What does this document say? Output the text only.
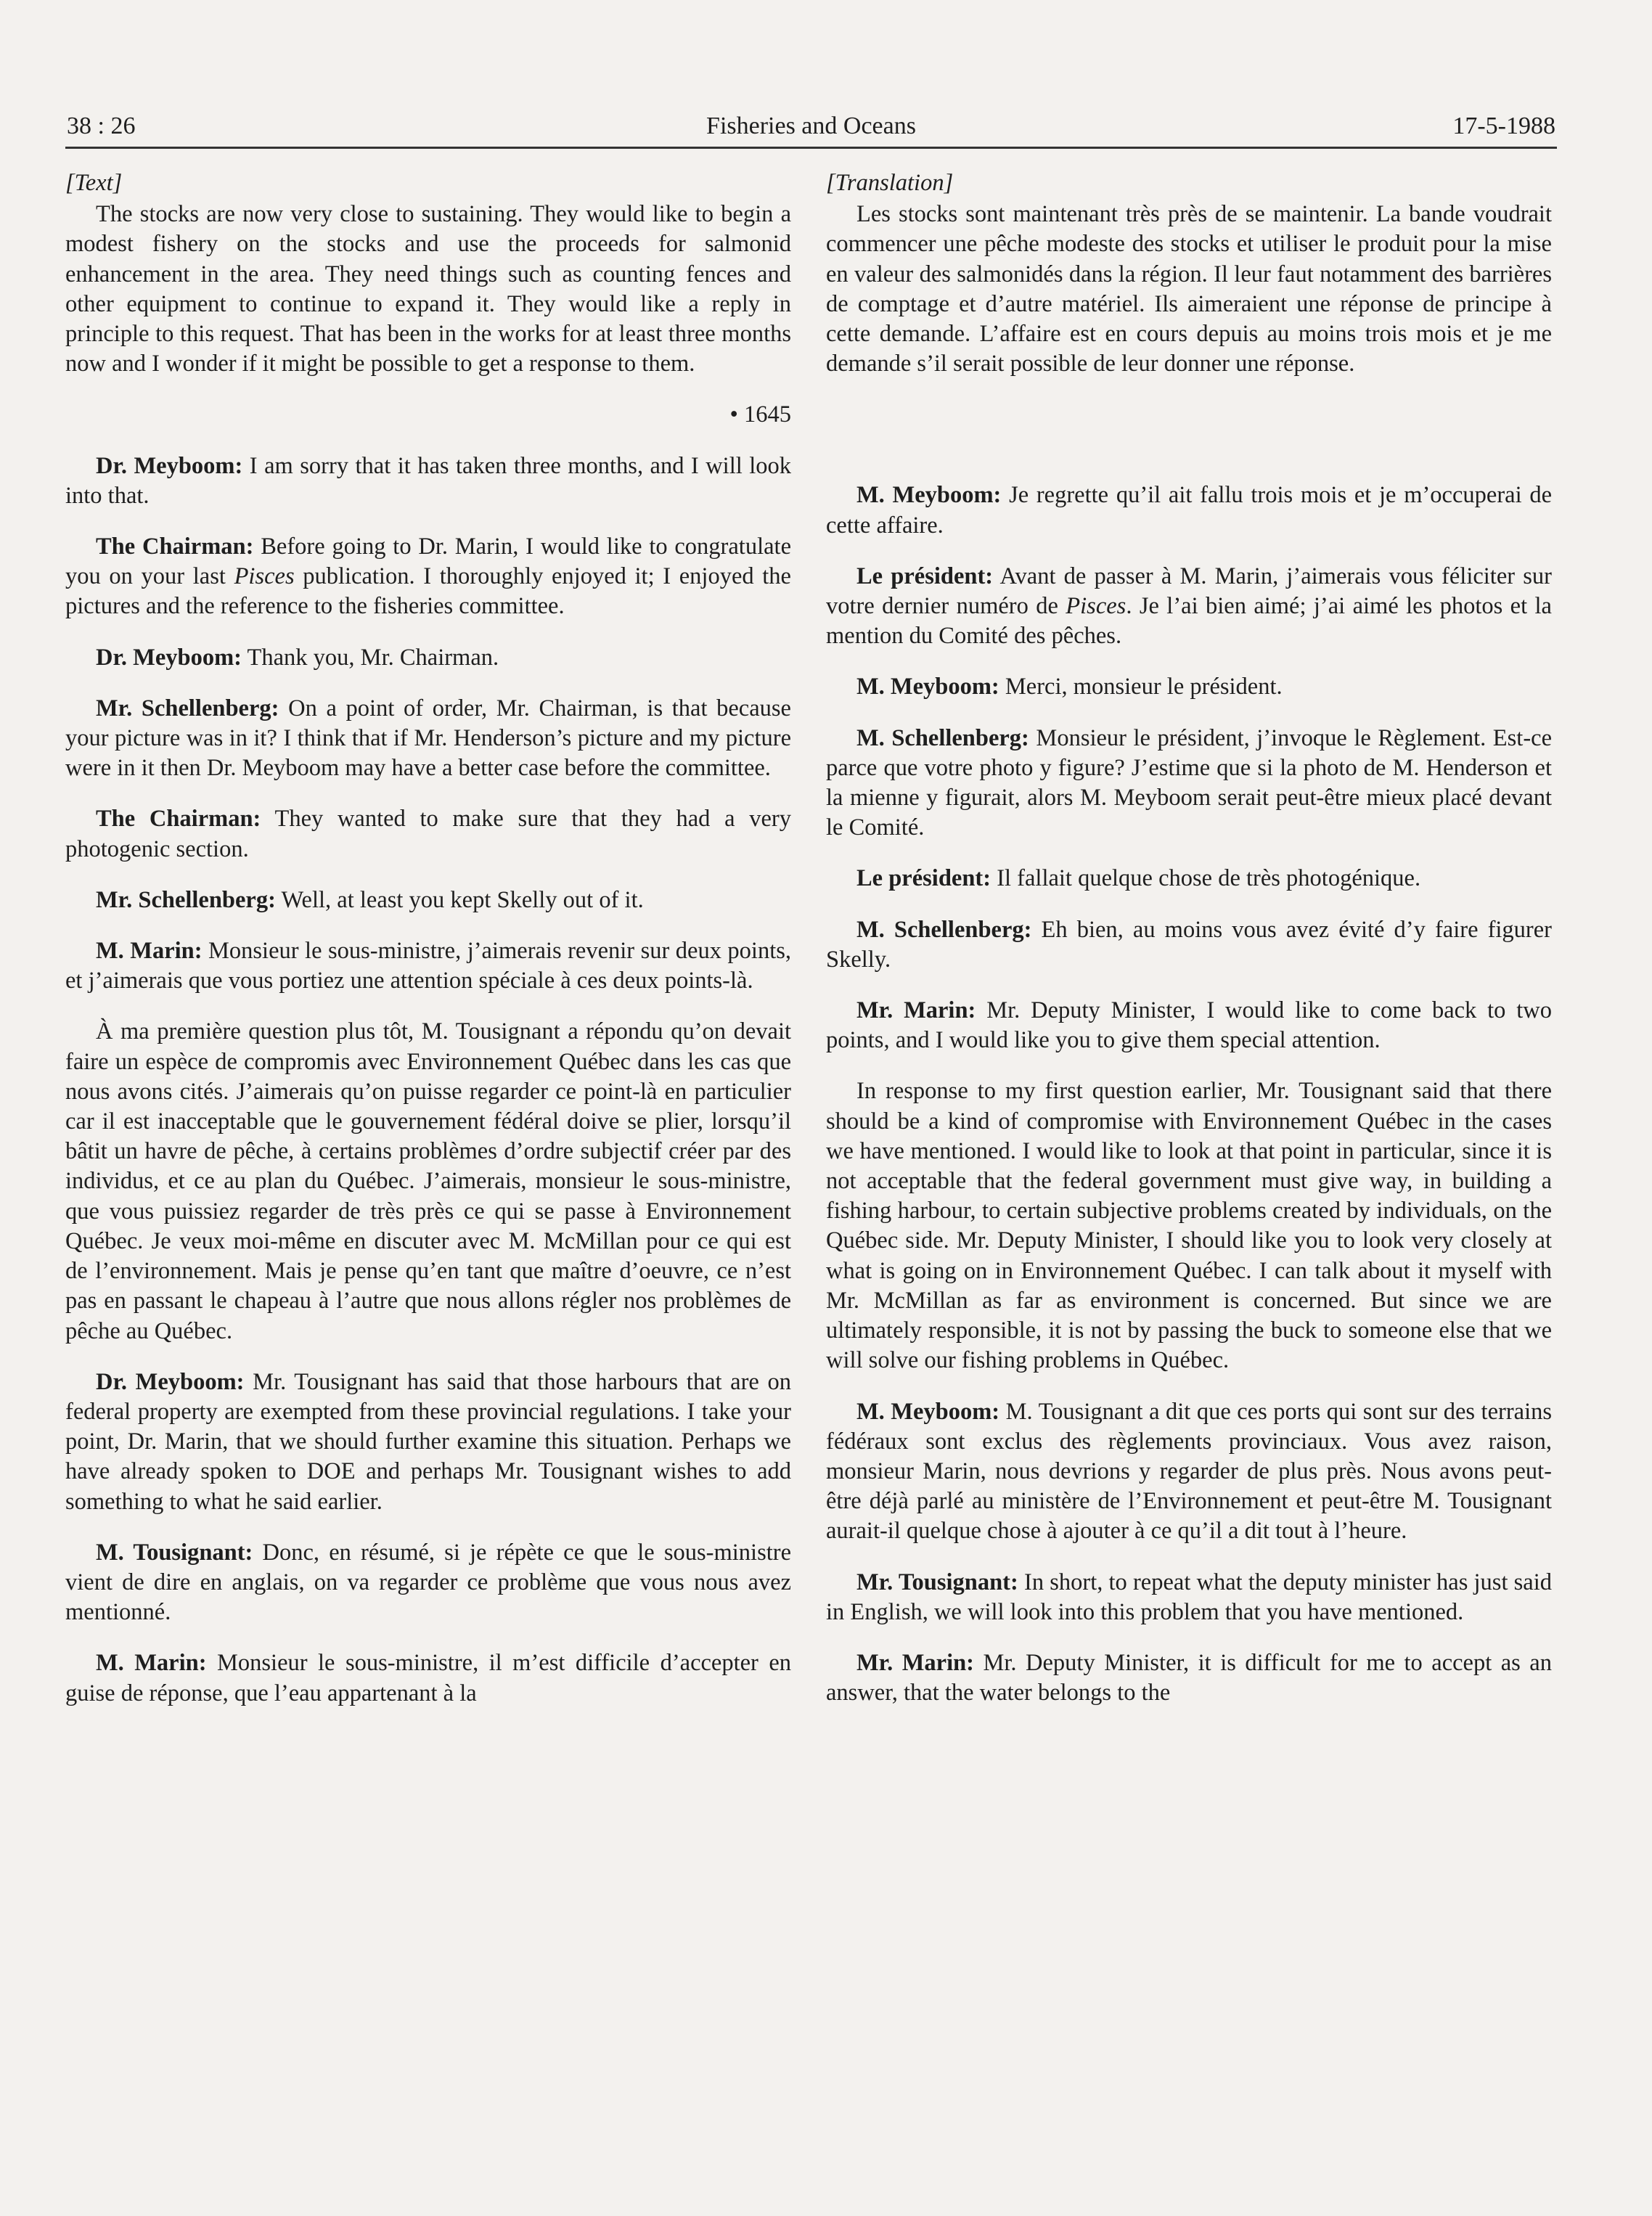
38 : 26	Fisheries and Oceans	17-5-1988

[Text]

The stocks are now very close to sustaining. They would like to begin a modest fishery on the stocks and use the proceeds for salmonid enhancement in the area. They need things such as counting fences and other equipment to continue to expand it. They would like a reply in principle to this request. That has been in the works for at least three months now and I wonder if it might be possible to get a response to them.

• 1645

Dr. Meyboom: I am sorry that it has taken three months, and I will look into that.

The Chairman: Before going to Dr. Marin, I would like to congratulate you on your last Pisces publication. I thoroughly enjoyed it; I enjoyed the pictures and the reference to the fisheries committee.

Dr. Meyboom: Thank you, Mr. Chairman.

Mr. Schellenberg: On a point of order, Mr. Chairman, is that because your picture was in it? I think that if Mr. Henderson’s picture and my picture were in it then Dr. Meyboom may have a better case before the committee.

The Chairman: They wanted to make sure that they had a very photogenic section.

Mr. Schellenberg: Well, at least you kept Skelly out of it.

M. Marin: Monsieur le sous-ministre, j’aimerais revenir sur deux points, et j’aimerais que vous portiez une attention spéciale à ces deux points-là.

À ma première question plus tôt, M. Tousignant a répondu qu’on devait faire un espèce de compromis avec Environnement Québec dans les cas que nous avons cités. J’aimerais qu’on puisse regarder ce point-là en particulier car il est inacceptable que le gouvernement fédéral doive se plier, lorsqu’il bâtit un havre de pêche, à certains problèmes d’ordre subjectif créer par des individus, et ce au plan du Québec. J’aimerais, monsieur le sous-ministre, que vous puissiez regarder de très près ce qui se passe à Environnement Québec. Je veux moi-même en discuter avec M. McMillan pour ce qui est de l’environnement. Mais je pense qu’en tant que maître d’oeuvre, ce n’est pas en passant le chapeau à l’autre que nous allons régler nos problèmes de pêche au Québec.

Dr. Meyboom: Mr. Tousignant has said that those harbours that are on federal property are exempted from these provincial regulations. I take your point, Dr. Marin, that we should further examine this situation. Perhaps we have already spoken to DOE and perhaps Mr. Tousignant wishes to add something to what he said earlier.

M. Tousignant: Donc, en résumé, si je répète ce que le sous-ministre vient de dire en anglais, on va regarder ce problème que vous nous avez mentionné.

M. Marin: Monsieur le sous-ministre, il m’est difficile d’accepter en guise de réponse, que l’eau appartenant à la

[Translation]

Les stocks sont maintenant très près de se maintenir. La bande voudrait commencer une pêche modeste des stocks et utiliser le produit pour la mise en valeur des salmonidés dans la région. Il leur faut notamment des barrières de comptage et d’autre matériel. Ils aimeraient une réponse de principe à cette demande. L’affaire est en cours depuis au moins trois mois et je me demande s’il serait possible de leur donner une réponse.

M. Meyboom: Je regrette qu’il ait fallu trois mois et je m’occuperai de cette affaire.

Le président: Avant de passer à M. Marin, j’aimerais vous féliciter sur votre dernier numéro de Pisces. Je l’ai bien aimé; j’ai aimé les photos et la mention du Comité des pêches.

M. Meyboom: Merci, monsieur le président.

M. Schellenberg: Monsieur le président, j’invoque le Règlement. Est-ce parce que votre photo y figure? J’estime que si la photo de M. Henderson et la mienne y figurait, alors M. Meyboom serait peut-être mieux placé devant le Comité.

Le président: Il fallait quelque chose de très photogénique.

M. Schellenberg: Eh bien, au moins vous avez évité d’y faire figurer Skelly.

Mr. Marin: Mr. Deputy Minister, I would like to come back to two points, and I would like you to give them special attention.

In response to my first question earlier, Mr. Tousignant said that there should be a kind of compromise with Environnement Québec in the cases we have mentioned. I would like to look at that point in particular, since it is not acceptable that the federal government must give way, in building a fishing harbour, to certain subjective problems created by individuals, on the Québec side. Mr. Deputy Minister, I should like you to look very closely at what is going on in Environnement Québec. I can talk about it myself with Mr. McMillan as far as environment is concerned. But since we are ultimately responsible, it is not by passing the buck to someone else that we will solve our fishing problems in Québec.

M. Meyboom: M. Tousignant a dit que ces ports qui sont sur des terrains fédéraux sont exclus des règlements provinciaux. Vous avez raison, monsieur Marin, nous devrions y regarder de plus près. Nous avons peut-être déjà parlé au ministère de l’Environnement et peut-être M. Tousignant aurait-il quelque chose à ajouter à ce qu’il a dit tout à l’heure.

Mr. Tousignant: In short, to repeat what the deputy minister has just said in English, we will look into this problem that you have mentioned.

Mr. Marin: Mr. Deputy Minister, it is difficult for me to accept as an answer, that the water belongs to the
